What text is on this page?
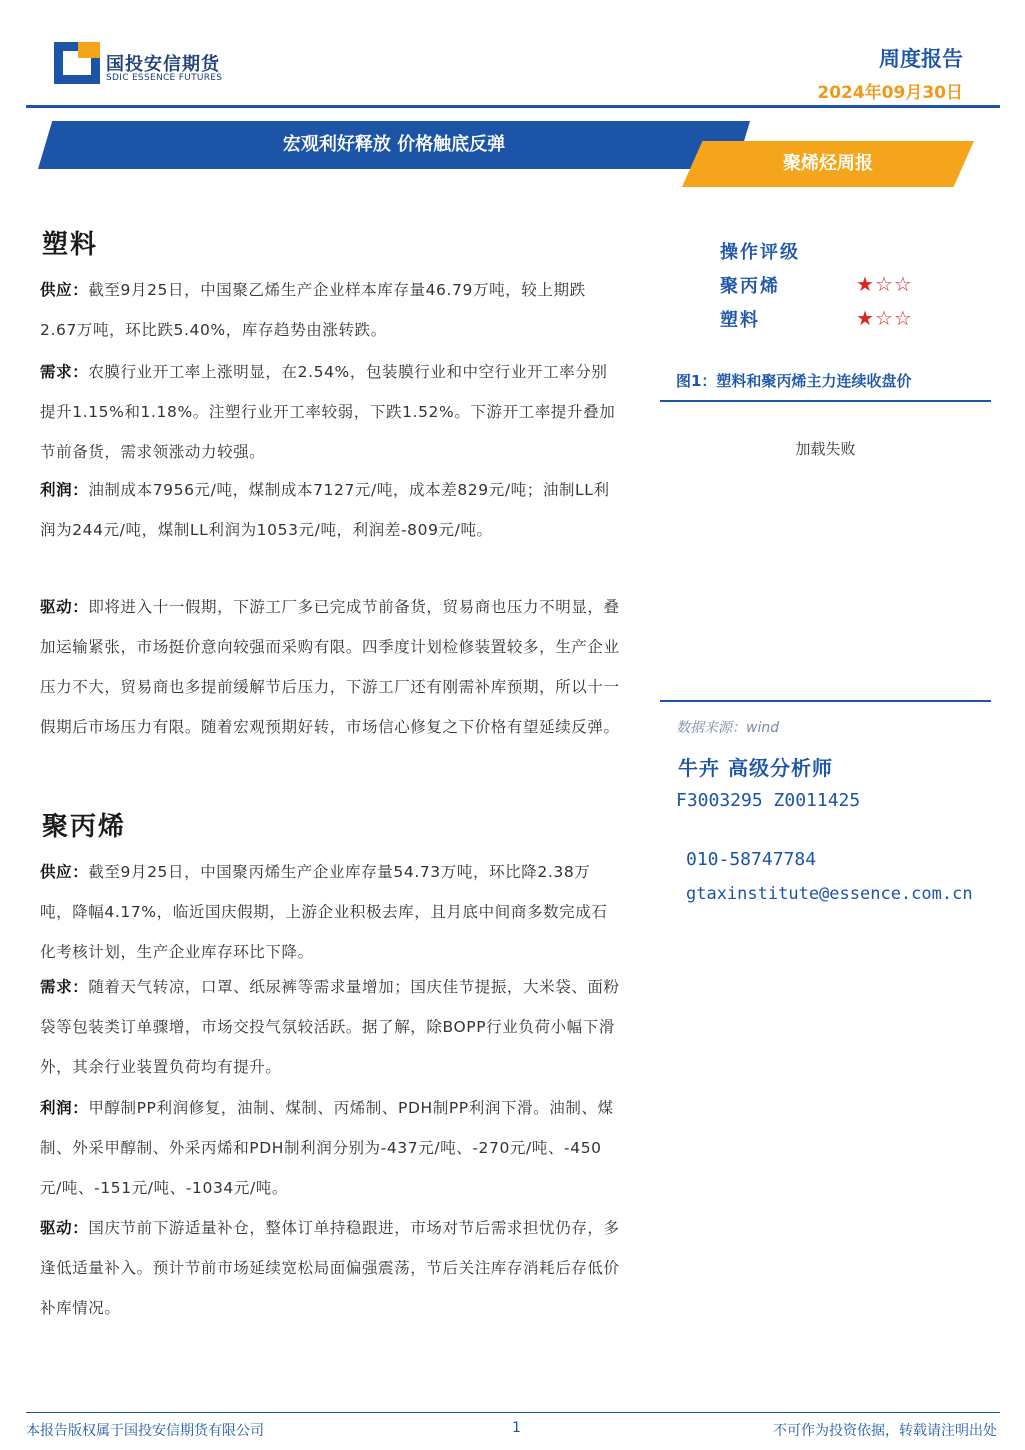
国投安信期货
SDIC ESSENCE FUTURES
周度报告
2024年09月30日
宏观利好释放 价格触底反弹
聚烯烃周报
塑料
供应：截至9月25日，中国聚乙烯生产企业样本库存量46.79万吨，较上期跌2.67万吨，环比跌5.40%，库存趋势由涨转跌。
需求：农膜行业开工率上涨明显，在2.54%，包装膜行业和中空行业开工率分别提升1.15%和1.18%。注塑行业开工率较弱，下跌1.52%。下游开工率提升叠加节前备货，需求领涨动力较强。
利润：油制成本7956元/吨，煤制成本7127元/吨，成本差829元/吨；油制LL利润为244元/吨，煤制LL利润为1053元/吨，利润差-809元/吨。
驱动：即将进入十一假期，下游工厂多已完成节前备货，贸易商也压力不明显，叠加运输紧张，市场挺价意向较强而采购有限。四季度计划检修装置较多，生产企业压力不大，贸易商也多提前缓解节后压力，下游工厂还有刚需补库预期，所以十一假期后市场压力有限。随着宏观预期好转，市场信心修复之下价格有望延续反弹。
聚丙烯
供应：截至9月25日，中国聚丙烯生产企业库存量54.73万吨，环比降2.38万吨，降幅4.17%，临近国庆假期，上游企业积极去库，且月底中间商多数完成石化考核计划，生产企业库存环比下降。
需求：随着天气转凉，口罩、纸尿裤等需求量增加；国庆佳节提振，大米袋、面粉袋等包装类订单骤增，市场交投气氛较活跃。据了解，除BOPP行业负荷小幅下滑外，其余行业装置负荷均有提升。
利润：甲醇制PP利润修复，油制、煤制、丙烯制、PDH制PP利润下滑。油制、煤制、外采甲醇制、外采丙烯和PDH制利润分别为-437元/吨、-270元/吨、-450元/吨、-151元/吨、-1034元/吨。
驱动：国庆节前下游适量补仓，整体订单持稳跟进，市场对节后需求担忧仍存，多逢低适量补入。预计节前市场延续宽松局面偏强震荡，节后关注库存消耗后存低价补库情况。
操作评级
聚丙烯	★☆☆
塑料	★☆☆
图1：塑料和聚丙烯主力连续收盘价
加载失败
数据来源：wind
牛卉 高级分析师
F3003295 Z0011425
010-58747784
gtaxinstitute@essence.com.cn
本报告版权属于国投安信期货有限公司	1	不可作为投资依据，转载请注明出处
